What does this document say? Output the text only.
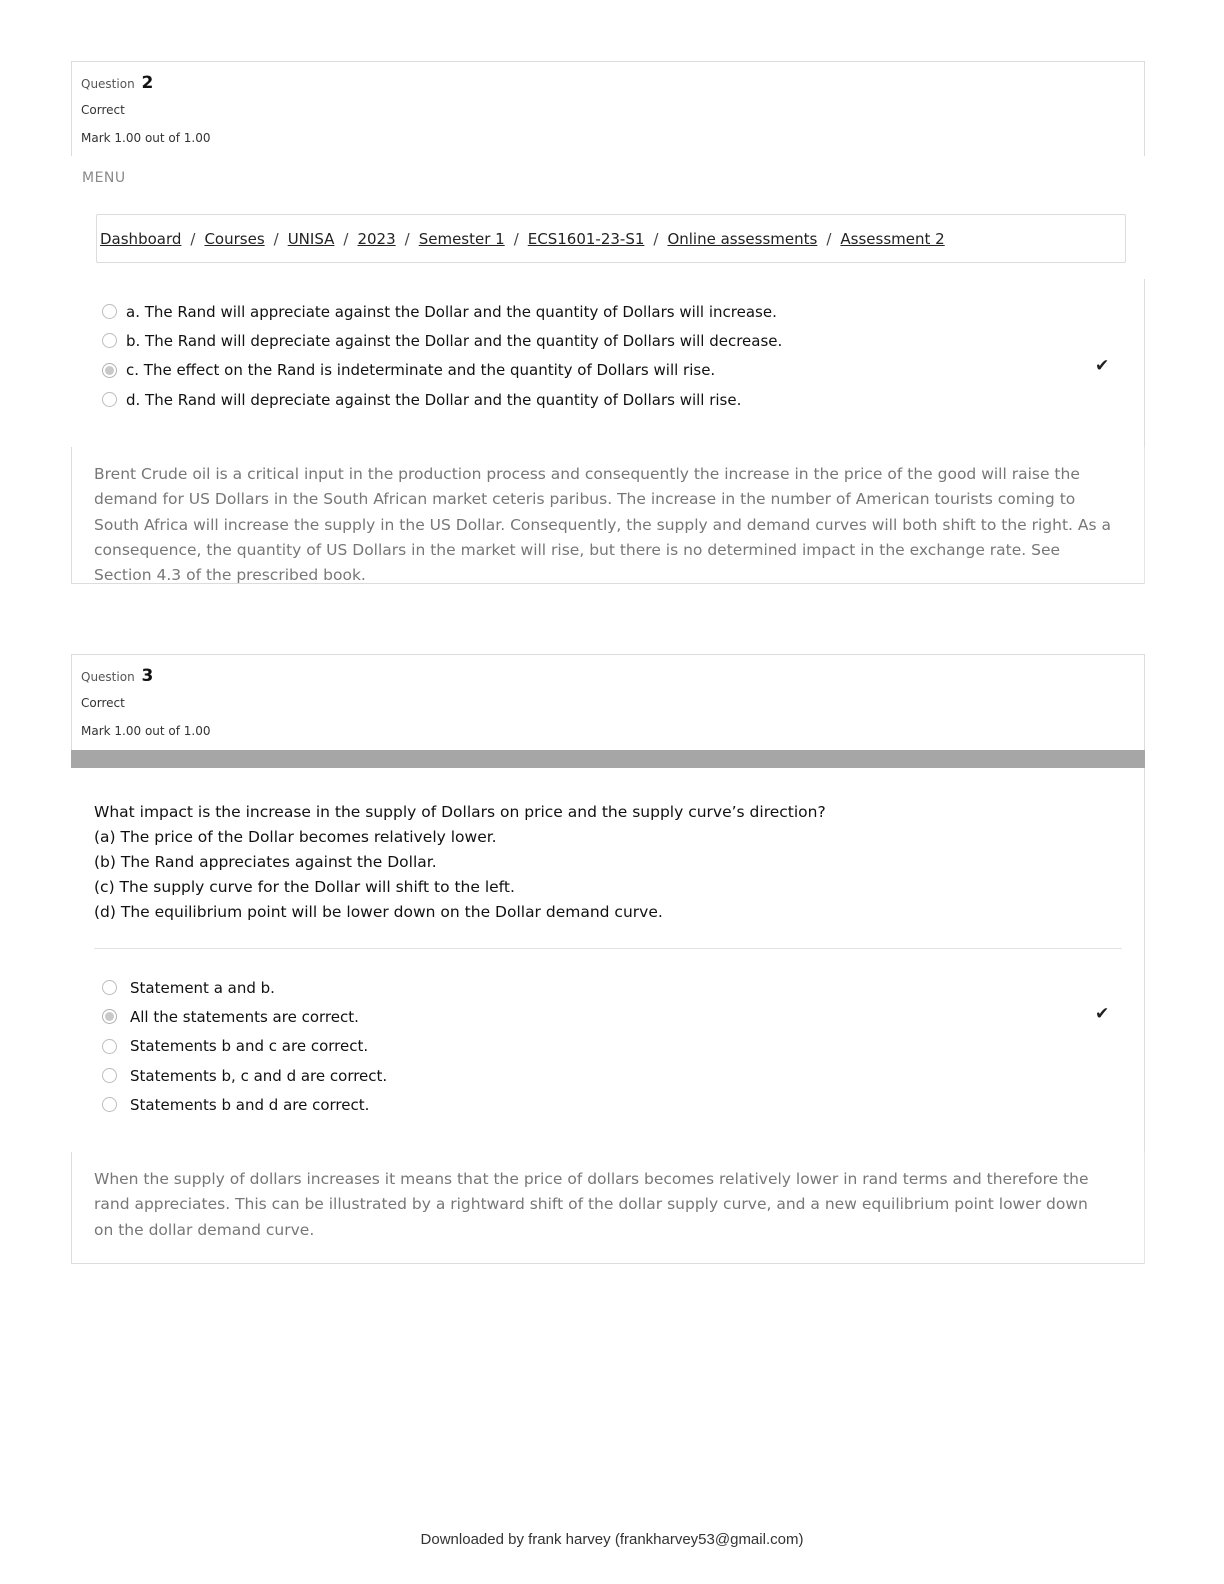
Question 2
Correct
Mark 1.00 out of 1.00
MENU
Dashboard / Courses / UNISA / 2023 / Semester 1 / ECS1601-23-S1 / Online assessments / Assessment 2
a. The Rand will appreciate against the Dollar and the quantity of Dollars will increase.
b. The Rand will depreciate against the Dollar and the quantity of Dollars will decrease.
c. The effect on the Rand is indeterminate and the quantity of Dollars will rise.
d. The Rand will depreciate against the Dollar and the quantity of Dollars will rise.
✔
Brent Crude oil is a critical input in the production process and consequently the increase in the price of the good will raise the demand for US Dollars in the South African market ceteris paribus. The increase in the number of American tourists coming to South Africa will increase the supply in the US Dollar. Consequently, the supply and demand curves will both shift to the right. As a consequence, the quantity of US Dollars in the market will rise, but there is no determined impact in the exchange rate. See Section 4.3 of the prescribed book.
Question 3
Correct
Mark 1.00 out of 1.00
What impact is the increase in the supply of Dollars on price and the supply curve’s direction?
(a) The price of the Dollar becomes relatively lower.
(b) The Rand appreciates against the Dollar.
(c) The supply curve for the Dollar will shift to the left.
(d) The equilibrium point will be lower down on the Dollar demand curve.
Statement a and b.
All the statements are correct.
Statements b and c are correct.
Statements b, c and d are correct.
Statements b and d are correct.
✔
When the supply of dollars increases it means that the price of dollars becomes relatively lower in rand terms and therefore the rand appreciates. This can be illustrated by a rightward shift of the dollar supply curve, and a new equilibrium point lower down on the dollar demand curve.
Downloaded by frank harvey (frankharvey53@gmail.com)
